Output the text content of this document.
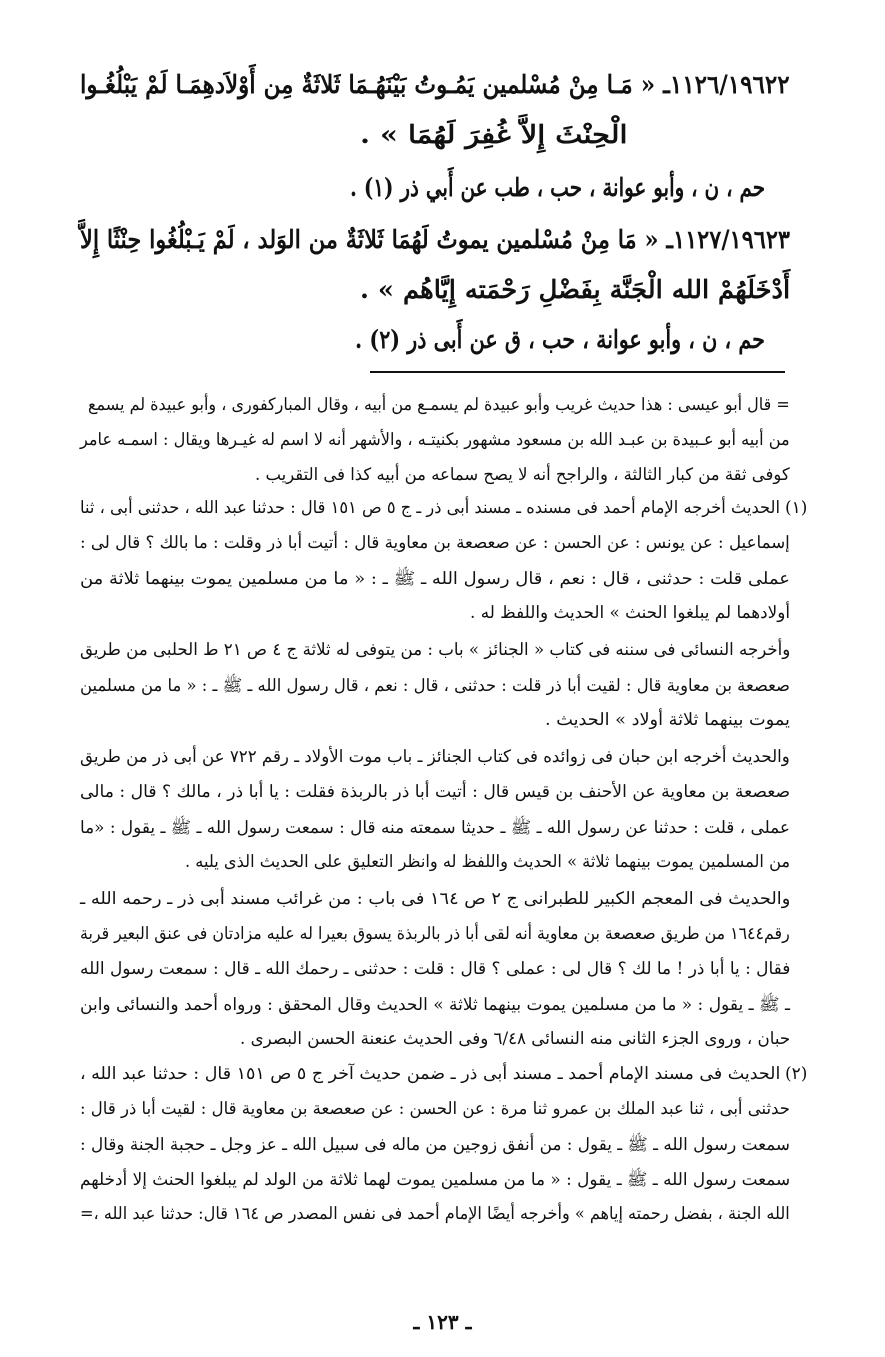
١١٢٦/١٩٦٢٢ـ « مَـا مِنْ مُسْلمين يَمُـوتُ بَيْنَهُـمَا ثَلاثَةٌ مِن أَوْلاَدهِمَـا لَمْ يَبْلُغُـوا
الْحِنْثَ إِلاَّ غُفِرَ لَهُمَا » .
حم ، ن ، وأبو عوانة ، حب ، طب عن أَبي ذر (١) .
١١٢٧/١٩٦٢٣ـ « مَا مِنْ مُسْلمين يموتُ لَهُمَا ثَلاثَةٌ من الوَلد ، لَمْ يَـبْلُغُوا حِنْثًا إِلاَّ
أَدْخَلَهُمْ الله الْجَنَّة بِفَضْلِ رَحْمَته إِيَّاهُم » .
حم ، ن ، وأبو عوانة ، حب ، ق عن أَبى ذر (٢) .
= قال أبو عيسى : هذا حديث غريب وأبو عبيدة لم يسمـع من أبيه ، وقال المباركفورى ، وأبو عبيدة لم يسمع
من أبيه أبو عـبيدة بن عبـد الله بن مسعود مشهور بكنيتـه ، والأشهر أنه لا اسم له غيـرها ويقال : اسمـه عامر
كوفى ثقة من كبار الثالثة ، والراجح أنه لا يصح سماعه من أبيه كذا فى التقريب .
الحديث أخرجه الإمام أحمد فى مسنده ـ مسند أبى ذر ـ ج ٥ ص ١٥١ قال : حدثنا عبد الله ، حدثنى أبى ، ثنا
إسماعيل : عن يونس : عن الحسن : عن صعصعة بن معاوية قال : أتيت أبا ذر وقلت : ما بالك ؟ قال لى :
عملى قلت : حدثنى ، قال : نعم ، قال رسول الله ـ ﷺ ـ : « ما من مسلمين يموت بينهما ثلاثة من
أولادهما لم يبلغوا الحنث » الحديث واللفظ له .
وأخرجه النسائى فى سننه فى كتاب « الجنائز » باب : من يتوفى له ثلاثة ج ٤ ص ٢١ ط الحلبى من طريق
صعصعة بن معاوية قال : لقيت أبا ذر قلت : حدثنى ، قال : نعم ، قال رسول الله ـ ﷺ ـ : « ما من مسلمين
يموت بينهما ثلاثة أولاد » الحديث .
والحديث أخرجه ابن حبان فى زوائده فى كتاب الجنائز ـ باب موت الأولاد ـ رقم ٧٢٢ عن أبى ذر من طريق
صعصعة بن معاوية عن الأحنف بن قيس قال : أتيت أبا ذر بالربذة فقلت : يا أبا ذر ، مالك ؟ قال : مالى
عملى ، قلت : حدثنا عن رسول الله ـ ﷺ ـ حديثا سمعته منه قال : سمعت رسول الله ـ ﷺ ـ يقول : «ما
من المسلمين يموت بينهما ثلاثة » الحديث واللفظ له وانظر التعليق على الحديث الذى يليه .
والحديث فى المعجم الكبير للطبرانى ج ٢ ص ١٦٤ فى باب : من غرائب مسند أبى ذر ـ رحمه الله ـ
رقم١٦٤٤ من طريق صعصعة بن معاوية أنه لقى أبا ذر بالربذة يسوق بعيرا له عليه مزادتان فى عنق البعير قربة
فقال : يا أبا ذر ! ما لك ؟ قال لى : عملى ؟ قال : قلت : حدثنى ـ رحمك الله ـ قال : سمعت رسول الله
ـ ﷺ ـ يقول : « ما من مسلمين يموت بينهما ثلاثة » الحديث وقال المحقق : ورواه أحمد والنسائى وابن
حبان ، وروى الجزء الثانى منه النسائى ٦/٤٨ وفى الحديث عنعنة الحسن البصرى .
الحديث فى مسند الإمام أحمد ـ مسند أبى ذر ـ ضمن حديث آخر ج ٥ ص ١٥١ قال : حدثنا عبد الله ،
حدثنى أبى ، ثنا عبد الملك بن عمرو ثنا مرة : عن الحسن : عن صعصعة بن معاوية قال : لقيت أبا ذر قال :
سمعت رسول الله ـ ﷺ ـ يقول : من أنفق زوجين من ماله فى سبيل الله ـ عز وجل ـ حجبة الجنة وقال :
سمعت رسول الله ـ ﷺ ـ يقول : « ما من مسلمين يموت لهما ثلاثة من الولد لم يبلغوا الحنث إلا أدخلهم
الله الجنة ، بفضل رحمته إياهم » وأخرجه أيضًا الإمام أحمد فى نفس المصدر ص ١٦٤ قال: حدثنا عبد الله ،=
(١)
(٢)
ـ ١٢٣ ـ
